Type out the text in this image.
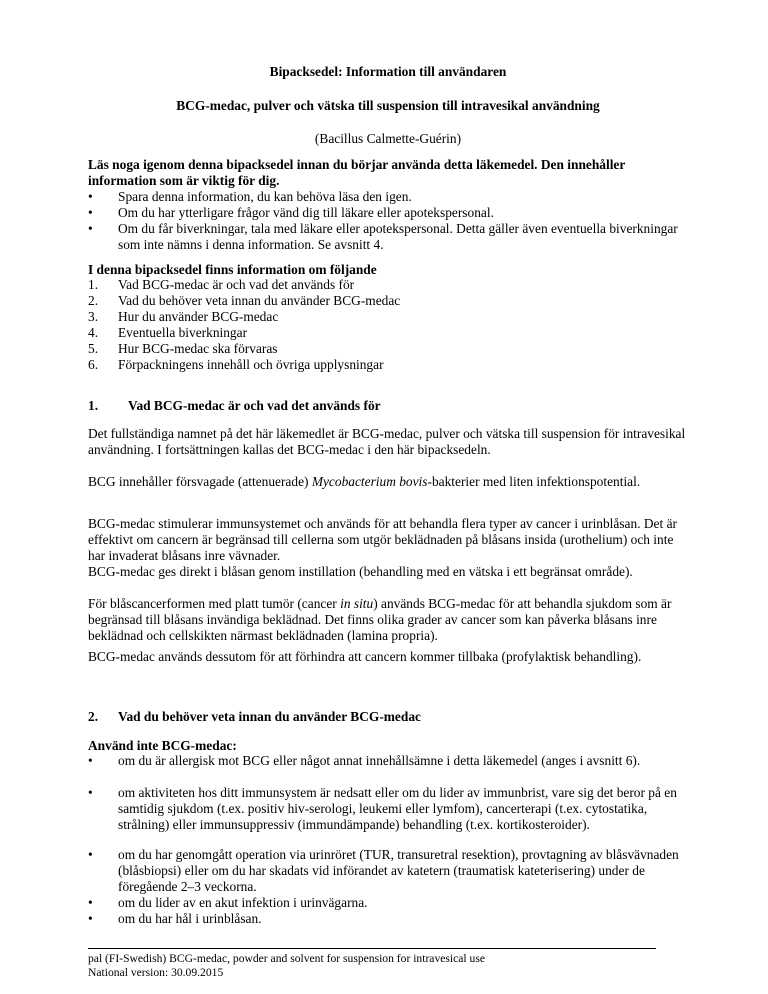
Bipacksedel: Information till användaren
BCG-medac, pulver och vätska till suspension till intravesikal användning
(Bacillus Calmette-Guérin)
Läs noga igenom denna bipacksedel innan du börjar använda detta läkemedel. Den innehåller information som är viktig för dig.
• Spara denna information, du kan behöva läsa den igen.
• Om du har ytterligare frågor vänd dig till läkare eller apotekspersonal.
• Om du får biverkningar, tala med läkare eller apotekspersonal. Detta gäller även eventuella biverkningar som inte nämns i denna information. Se avsnitt 4.
I denna bipacksedel finns information om följande
1. Vad BCG-medac är och vad det används för
2. Vad du behöver veta innan du använder BCG-medac
3. Hur du använder BCG-medac
4. Eventuella biverkningar
5. Hur BCG-medac ska förvaras
6. Förpackningens innehåll och övriga upplysningar
1. Vad BCG-medac är och vad det används för

Det fullständiga namnet på det här läkemedlet är BCG-medac, pulver och vätska till suspension för intravesikal användning. I fortsättningen kallas det BCG-medac i den här bipacksedeln.

BCG innehåller försvagade (attenuerade) Mycobacterium bovis-bakterier med liten infektionspotential.

BCG-medac stimulerar immunsystemet och används för att behandla flera typer av cancer i urinblåsan. Det är effektivt om cancern är begränsad till cellerna som utgör beklädnaden på blåsans insida (urothelium) och inte har invaderat blåsans inre vävnader.

BCG-medac ges direkt i blåsan genom instillation (behandling med en vätska i ett begränsat område).

För blåscancerformen med platt tumör (cancer in situ) används BCG-medac för att behandla sjukdom som är begränsad till blåsans invändiga beklädnad. Det finns olika grader av cancer som kan påverka blåsans inre beklädnad och cellskikten närmast beklädnaden (lamina propria).

BCG-medac används dessutom för att förhindra att cancern kommer tillbaka (profylaktisk behandling).

2. Vad du behöver veta innan du använder BCG-medac
Använd inte BCG-medac:
• om du är allergisk mot BCG eller något annat innehållsämne i detta läkemedel (anges i avsnitt 6).
• om aktiviteten hos ditt immunsystem är nedsatt eller om du lider av immunbrist, vare sig det beror på en samtidig sjukdom (t.ex. positiv hiv-serologi, leukemi eller lymfom), cancerterapi (t.ex. cytostatika, strålning) eller immunsuppressiv (immundämpande) behandling (t.ex. kortikosteroider).
• om du har genomgått operation via urinröret (TUR, transuretral resektion), provtagning av blåsvävnaden (blåsbiopsi) eller om du har skadats vid införandet av katetern (traumatisk kateterisering) under de föregående 2–3 veckorna.
• om du lider av en akut infektion i urinvägarna.
• om du har hål i urinblåsan.
pal (FI-Swedish) BCG-medac, powder and solvent for suspension for intravesical use
National version: 30.09.2015
